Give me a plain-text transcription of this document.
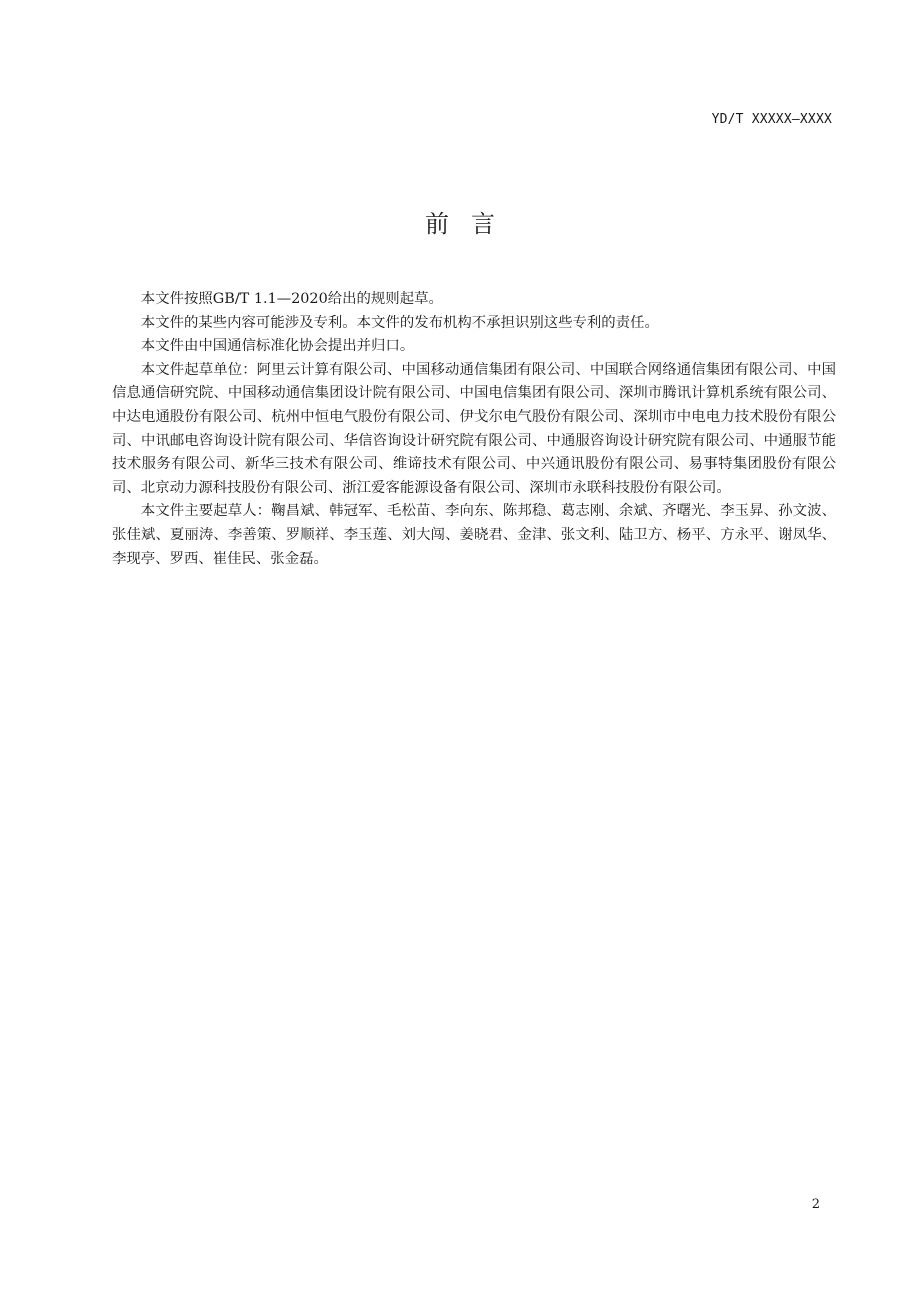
YD/T XXXXX—XXXX
前言

本文件按照GB/T 1.1—2020给出的规则起草。

本文件的某些内容可能涉及专利。本文件的发布机构不承担识别这些专利的责任。

本文件由中国通信标准化协会提出并归口。

本文件起草单位：阿里云计算有限公司、中国移动通信集团有限公司、中国联合网络通信集团有限公司、中国信息通信研究院、中国移动通信集团设计院有限公司、中国电信集团有限公司、深圳市腾讯计算机系统有限公司、中达电通股份有限公司、杭州中恒电气股份有限公司、伊戈尔电气股份有限公司、深圳市中电电力技术股份有限公司、中讯邮电咨询设计院有限公司、华信咨询设计研究院有限公司、中通服咨询设计研究院有限公司、中通服节能技术服务有限公司、新华三技术有限公司、维谛技术有限公司、中兴通讯股份有限公司、易事特集团股份有限公司、北京动力源科技股份有限公司、浙江爱客能源设备有限公司、深圳市永联科技股份有限公司。

本文件主要起草人：鞠昌斌、韩冠军、毛松苗、李向东、陈邦稳、葛志刚、余斌、齐曙光、李玉昇、孙文波、张佳斌、夏丽涛、李善策、罗顺祥、李玉莲、刘大闯、姜晓君、金津、张文利、陆卫方、杨平、方永平、谢凤华、李现亭、罗西、崔佳民、张金磊。

2
